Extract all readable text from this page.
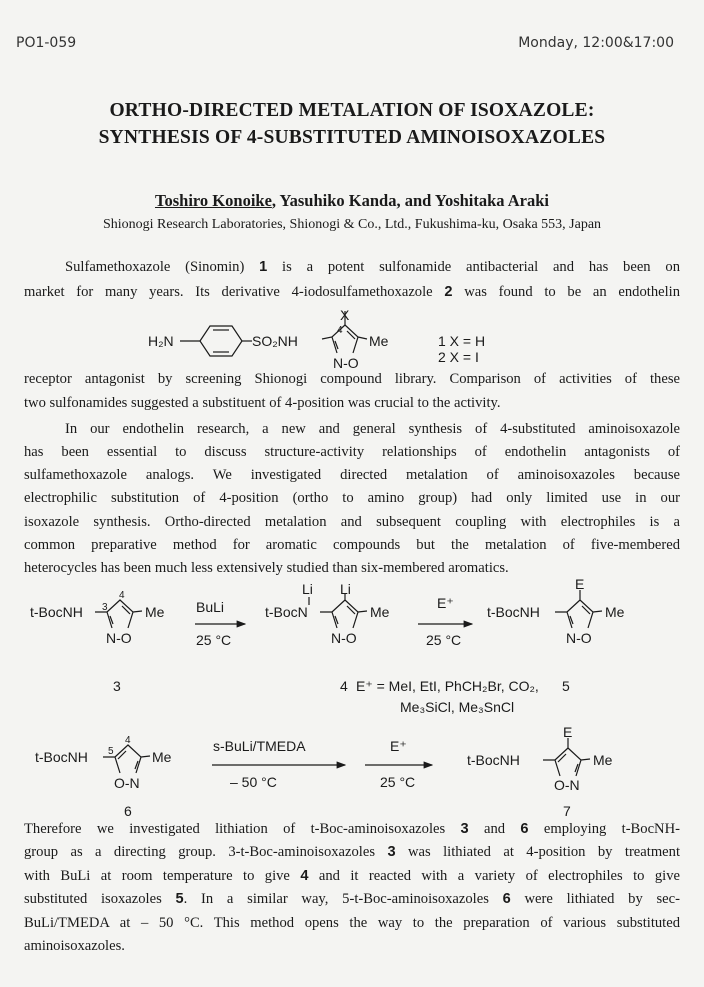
PO1-059	Monday, 12:00&17:00
ORTHO-DIRECTED METALATION OF ISOXAZOLE:
SYNTHESIS OF 4-SUBSTITUTED AMINOISOXAZOLES
Toshiro Konoike, Yasuhiko Kanda, and Yoshitaka Araki
Shionogi Research Laboratories, Shionogi & Co., Ltd., Fukushima-ku, Osaka 553, Japan
Sulfamethoxazole (Sinomin) 1 is a potent sulfonamide antibacterial and has been on
market for many years. Its derivative 4-iodosulfamethoxazole 2 was found to be an endothelin
receptor antagonist by screening Shionogi compound library. Comparison of activities of these
two sulfonamides suggested a substituent of 4-position was crucial to the activity.
In our endothelin research, a new and general synthesis of 4-substituted aminoisoxazole
has been essential to discuss structure-activity relationships of endothelin antagonists of
sulfamethoxazole analogs. We investigated directed metalation of aminoisoxazoles because
electrophilic substitution of 4-position (ortho to amino group) had only limited use in our
isoxazole synthesis. Ortho-directed metalation and subsequent coupling with electrophiles is a
common preparative method for aromatic compounds but the metalation of five-membered
heterocycles has been much less extensively studied than six-membered aromatics.
Therefore we investigated lithiation of t-Boc-aminoisoxazoles 3 and 6 employing t-BocNH-
group as a directing group. 3-t-Boc-aminoisoxazoles 3 was lithiated at 4-position by treatment
with BuLi at room temperature to give 4 and it reacted with a variety of electrophiles to give
substituted isoxazoles 5. In a similar way, 5-t-Boc-aminoisoxazoles 6 were lithiated by sec-
BuLi/TMEDA at – 50 °C. This method opens the way to the preparation of various substituted
aminoisoxazoles.
H₂N	SO₂NH
X
4
Me
N-O
1 X = H
2 X = I
t-BocNH 3
4
Me
N-O
3
BuLi
25 °C
t-BocN
Li Li
Me
N-O
4
E⁺
25 °C
t-BocNH
E
Me
N-O
5
E⁺ = MeI, EtI, PhCH₂Br, CO₂,
Me₃SiCl, Me₃SnCl
t-BocNH 5
4
Me
O-N
6
s-BuLi/TMEDA
– 50 °C
E⁺
25 °C
t-BocNH
E
Me
O-N
7
